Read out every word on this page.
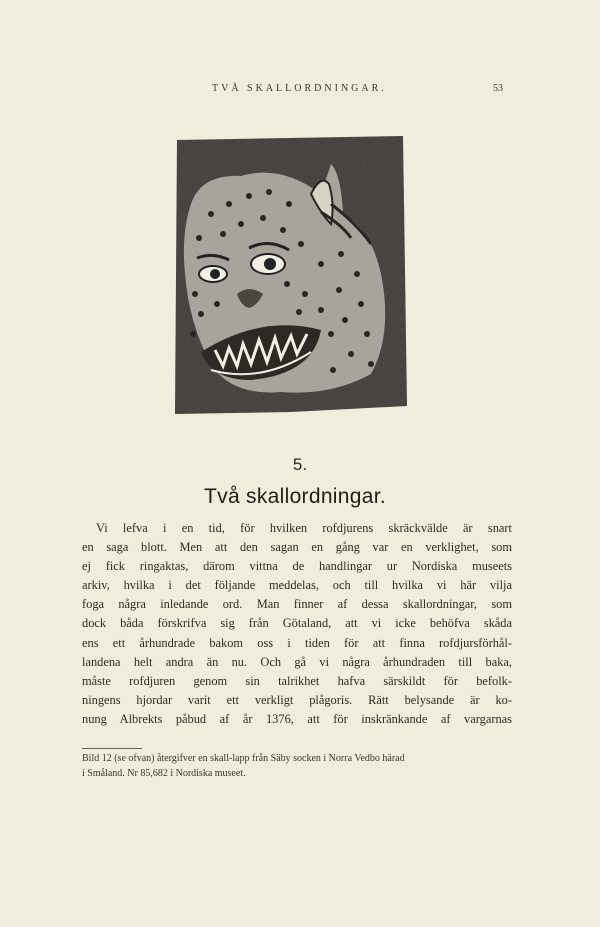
TVÅ SKALLORDNINGAR.	53
5.
Två skallordningar.
Vi lefva i en tid, för hvilken rofdjurens skräckvälde är snart
en saga blott. Men att den sagan en gång var en verklighet, som
ej fick ringaktas, därom vittna de handlingar ur Nordiska museets
arkiv, hvilka i det följande meddelas, och till hvilka vi här vilja
foga några inledande ord. Man finner af dessa skallordningar, som
dock båda förskrifva sig från Götaland, att vi icke behöfva skåda
ens ett århundrade bakom oss i tiden för att finna rofdjursförhål-
landena helt andra än nu. Och gå vi några århundraden till baka,
måste rofdjuren genom sin talrikhet hafva särskildt för befolk-
ningens hjordar varit ett verkligt plågoris. Rätt belysande är ko-
nung Albrekts påbud af år 1376, att för inskränkande af vargarnas
Bild 12 (se ofvan) återgifver en skall-lapp från Säby socken i Norra Vedbo härad
i Småland. Nr 85,682 i Nordiska museet.
